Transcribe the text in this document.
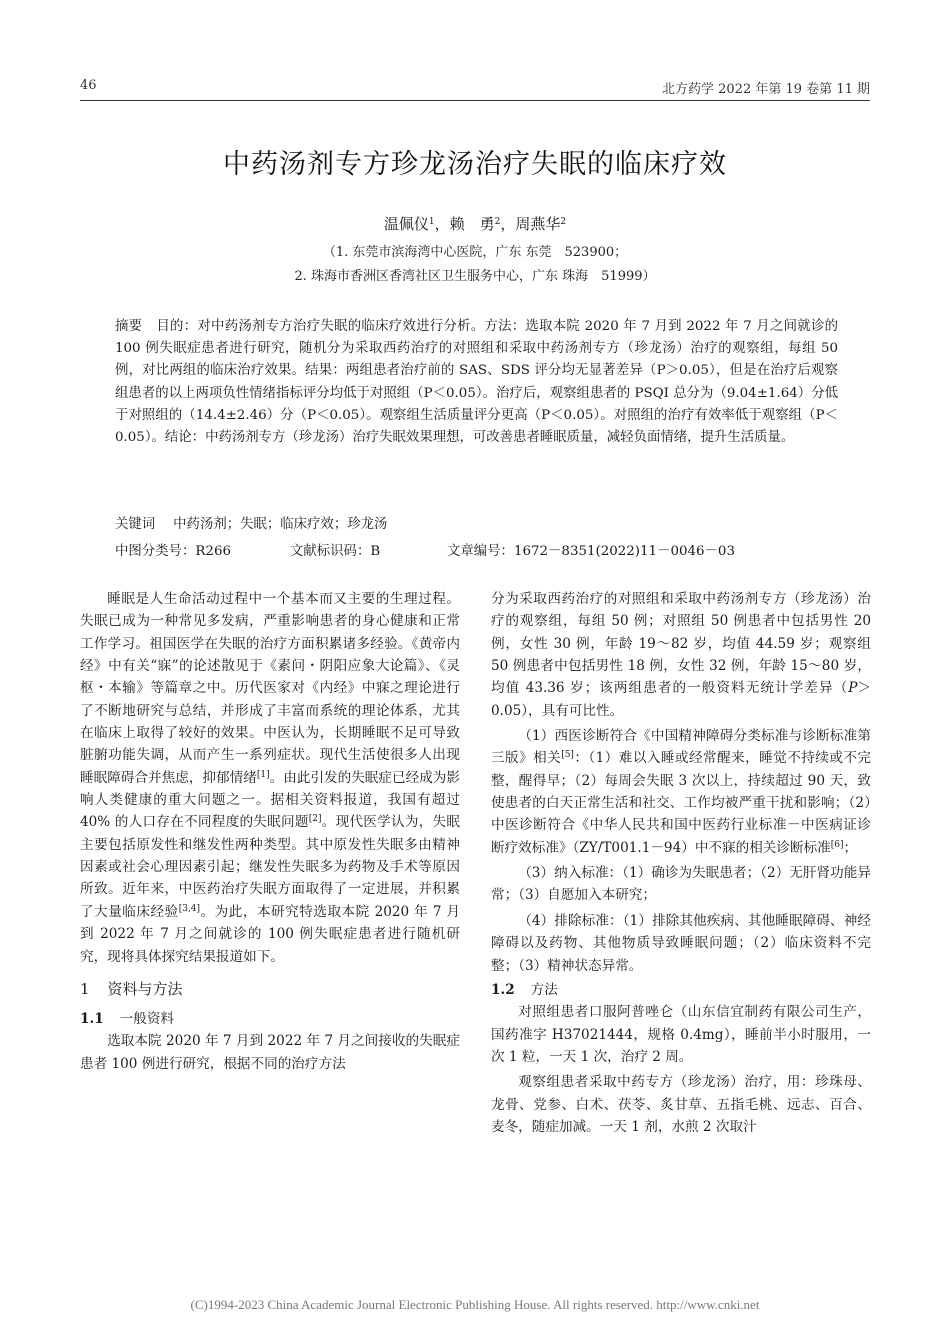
46	北方药学 2022 年第 19 卷第 11 期
中药汤剂专方珍龙汤治疗失眠的临床疗效
温佩仪$^1$，赖　勇$^2$，周燕华$^2$
（1. 东莞市滨海湾中心医院，广东 东莞　523900；
2. 珠海市香洲区香湾社区卫生服务中心，广东 珠海　51999）
摘要 目的：对中药汤剂专方治疗失眠的临床疗效进行分析。方法：选取本院 2020 年 7 月到 2022 年 7 月之间就诊的 100 例失眠症患者进行研究，随机分为采取西药治疗的对照组和采取中药汤剂专方（珍龙汤）治疗的观察组，每组 50 例，对比两组的临床治疗效果。结果：两组患者治疗前的 SAS、SDS 评分均无显著差异（P＞0.05），但是在治疗后观察组患者的以上两项负性情绪指标评分均低于对照组（P＜0.05）。治疗后，观察组患者的 PSQI 总分为（9.04±1.64）分低于对照组的（14.4±2.46）分（P＜0.05）。观察组生活质量评分更高（P＜0.05）。对照组的治疗有效率低于观察组（P＜0.05）。结论：中药汤剂专方（珍龙汤）治疗失眠效果理想，可改善患者睡眠质量，减轻负面情绪，提升生活质量。
关键词 中药汤剂；失眠；临床疗效；珍龙汤
中图分类号：R266	文献标识码：B	文章编号：1672－8351(2022)11－0046－03

睡眠是人生命活动过程中一个基本而又主要的生理过程。失眠已成为一种常见多发病，严重影响患者的身心健康和正常工作学习。祖国医学在失眠的治疗方面积累诸多经验。《黄帝内经》中有关“寐”的论述散见于《素问・阴阳应象大论篇》、《灵枢・本输》等篇章之中。历代医家对《内经》中寐之理论进行了不断地研究与总结，并形成了丰富而系统的理论体系，尤其在临床上取得了较好的效果。中医认为，长期睡眠不足可导致脏腑功能失调，从而产生一系列症状。现代生活使很多人出现睡眠障碍合并焦虑，抑郁情绪[1]。由此引发的失眠症已经成为影响人类健康的重大问题之一。据相关资料报道，我国有超过 40% 的人口存在不同程度的失眠问题[2]。现代医学认为，失眠主要包括原发性和继发性两种类型。其中原发性失眠多由精神因素或社会心理因素引起；继发性失眠多为药物及手术等原因所致。近年来，中医药治疗失眠方面取得了一定进展，并积累了大量临床经验[3,4]。为此，本研究特选取本院 2020 年 7 月到 2022 年 7 月之间就诊的 100 例失眠症患者进行随机研究，现将具体探究结果报道如下。

1 资料与方法
1.1 一般资料

选取本院 2020 年 7 月到 2022 年 7 月之间接收的失眠症患者 100 例进行研究，根据不同的治疗方法

分为采取西药治疗的对照组和采取中药汤剂专方（珍龙汤）治疗的观察组，每组 50 例；对照组 50 例患者中包括男性 20 例，女性 30 例，年龄 19～82 岁，均值 44.59 岁；观察组 50 例患者中包括男性 18 例，女性 32 例，年龄 15～80 岁，均值 43.36 岁；该两组患者的一般资料无统计学差异（P＞0.05），具有可比性。

（1）西医诊断符合《中国精神障碍分类标准与诊断标准第三版》相关[5]：（1）难以入睡或经常醒来，睡觉不持续或不完整，醒得早；（2）每周会失眠 3 次以上，持续超过 90 天，致使患者的白天正常生活和社交、工作均被严重干扰和影响；（2）中医诊断符合《中华人民共和国中医药行业标准－中医病证诊断疗效标准》（ZY/T001.1－94）中不寐的相关诊断标准[6]；

（3）纳入标准：（1）确诊为失眠患者；（2）无肝肾功能异常；（3）自愿加入本研究；

（4）排除标准：（1）排除其他疾病、其他睡眠障碍、神经障碍以及药物、其他物质导致睡眠问题；（2）临床资料不完整；（3）精神状态异常。

1.2 方法

对照组患者口服阿普唑仑（山东信宜制药有限公司生产，国药准字 H37021444，规格 0.4mg），睡前半小时服用，一次 1 粒，一天 1 次，治疗 2 周。

观察组患者采取中药专方（珍龙汤）治疗，用：珍珠母、龙骨、党参、白术、茯苓、炙甘草、五指毛桃、远志、百合、麦冬，随症加减。一天 1 剂，水煎 2 次取汁

(C)1994-2023 China Academic Journal Electronic Publishing House. All rights reserved. http://www.cnki.net
